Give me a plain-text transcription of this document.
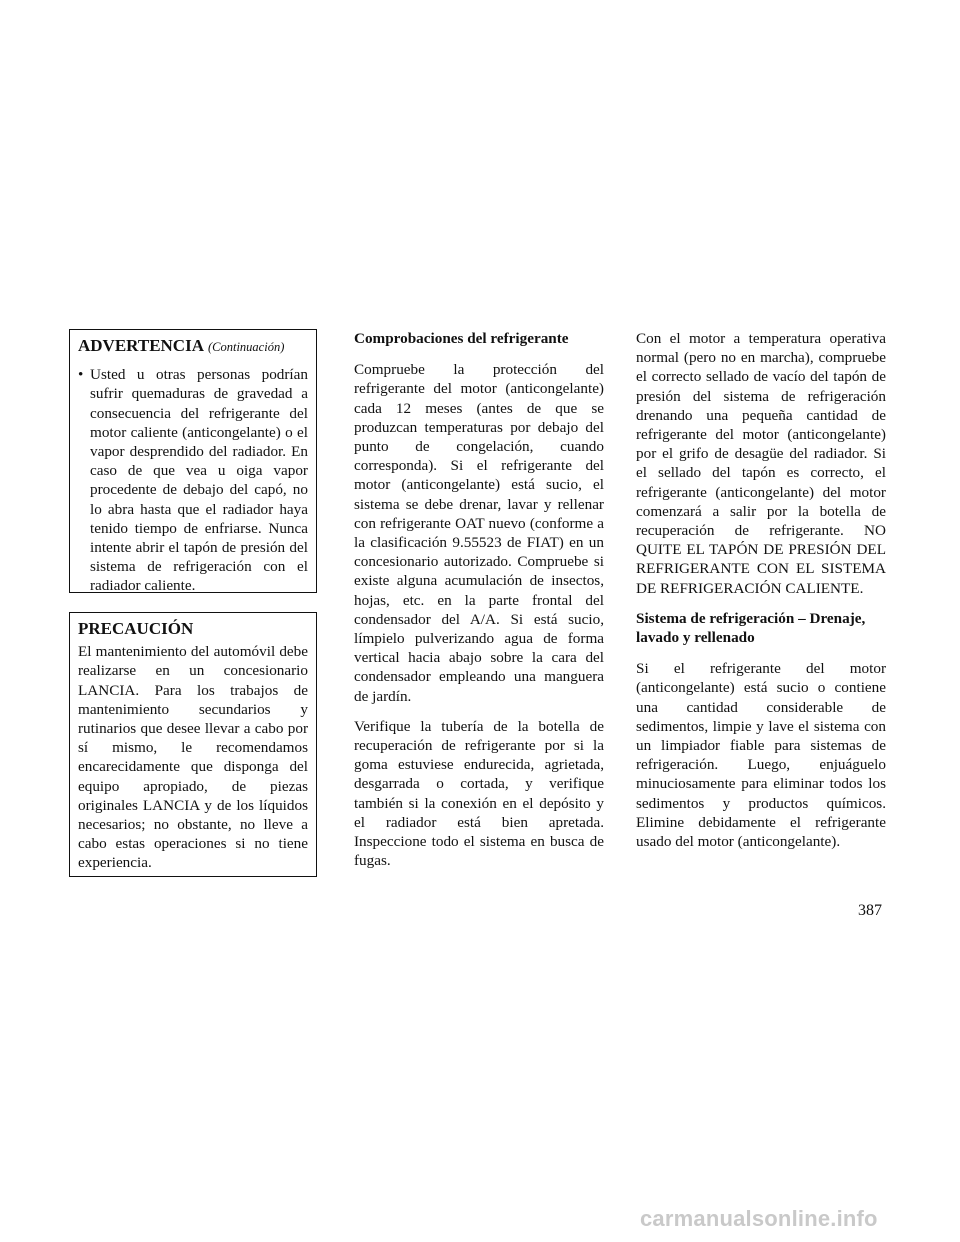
ADVERTENCIA (Continuación)
• Usted u otras personas podrían sufrir quemaduras de gravedad a consecuencia del refrigerante del motor caliente (anticongelante) o el vapor desprendido del radiador. En caso de que vea u oiga vapor procedente de debajo del capó, no lo abra hasta que el radiador haya tenido tiempo de enfriarse. Nunca intente abrir el tapón de presión del sistema de refrigeración con el radiador caliente.
PRECAUCIÓN
El mantenimiento del automóvil debe realizarse en un concesionario LANCIA. Para los trabajos de mantenimiento secundarios y rutinarios que desee llevar a cabo por sí mismo, le recomendamos encarecidamente que disponga del equipo apropiado, de piezas originales LANCIA y de los líquidos necesarios; no obstante, no lleve a cabo estas operaciones si no tiene experiencia.

Comprobaciones del refrigerante

Compruebe la protección del refrigerante del motor (anticongelante) cada 12 meses (antes de que se produzcan temperaturas por debajo del punto de congelación, cuando corresponda). Si el refrigerante del motor (anticongelante) está sucio, el sistema se debe drenar, lavar y rellenar con refrigerante OAT nuevo (conforme a la clasificación 9.55523 de FIAT) en un concesionario autorizado. Compruebe si existe alguna acumulación de insectos, hojas, etc. en la parte frontal del condensador del A/A. Si está sucio, límpielo pulverizando agua de forma vertical hacia abajo sobre la cara del condensador empleando una manguera de jardín.

Verifique la tubería de la botella de recuperación de refrigerante por si la goma estuviese endurecida, agrietada, desgarrada o cortada, y verifique también si la conexión en el depósito y el radiador está bien apretada. Inspeccione todo el sistema en busca de fugas.

Con el motor a temperatura operativa normal (pero no en marcha), compruebe el correcto sellado de vacío del tapón de presión del sistema de refrigeración drenando una pequeña cantidad de refrigerante del motor (anticongelante) por el grifo de desagüe del radiador. Si el sellado del tapón es correcto, el refrigerante (anticongelante) del motor comenzará a salir por la botella de recuperación de refrigerante. NO QUITE EL TAPÓN DE PRESIÓN DEL REFRIGERANTE CON EL SISTEMA DE REFRIGERACIÓN CALIENTE.

Sistema de refrigeración – Drenaje, lavado y rellenado

Si el refrigerante del motor (anticongelante) está sucio o contiene una cantidad considerable de sedimentos, limpie y lave el sistema con un limpiador fiable para sistemas de refrigeración. Luego, enjuáguelo minuciosamente para eliminar todos los sedimentos y productos químicos. Elimine debidamente el refrigerante usado del motor (anticongelante).

387
carmanualsonline.info
